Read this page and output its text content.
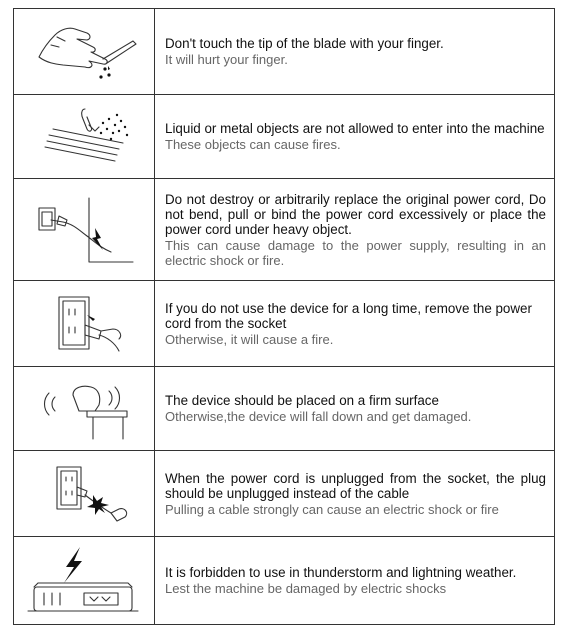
Don't touch the tip of the blade with your finger.
It will hurt your finger.

Liquid or metal objects are not allowed to enter into the machine
These objects can cause fires.

Do not destroy or arbitrarily replace the original power cord, Do not bend, pull or bind the power cord excessively or place the power cord under heavy object.
This can cause damage to the power supply, resulting in an electric shock or fire.

If you do not use the device for a long time, remove the power cord from the socket
Otherwise, it will cause a fire.

The device should be placed on a firm surface
Otherwise,the device will fall down and get damaged.

When the power cord is unplugged from the socket, the plug should be unplugged instead of the cable
Pulling a cable strongly can cause an electric shock or fire

It is forbidden to use in thunderstorm and lightning weather.
Lest the machine be damaged by electric shocks
